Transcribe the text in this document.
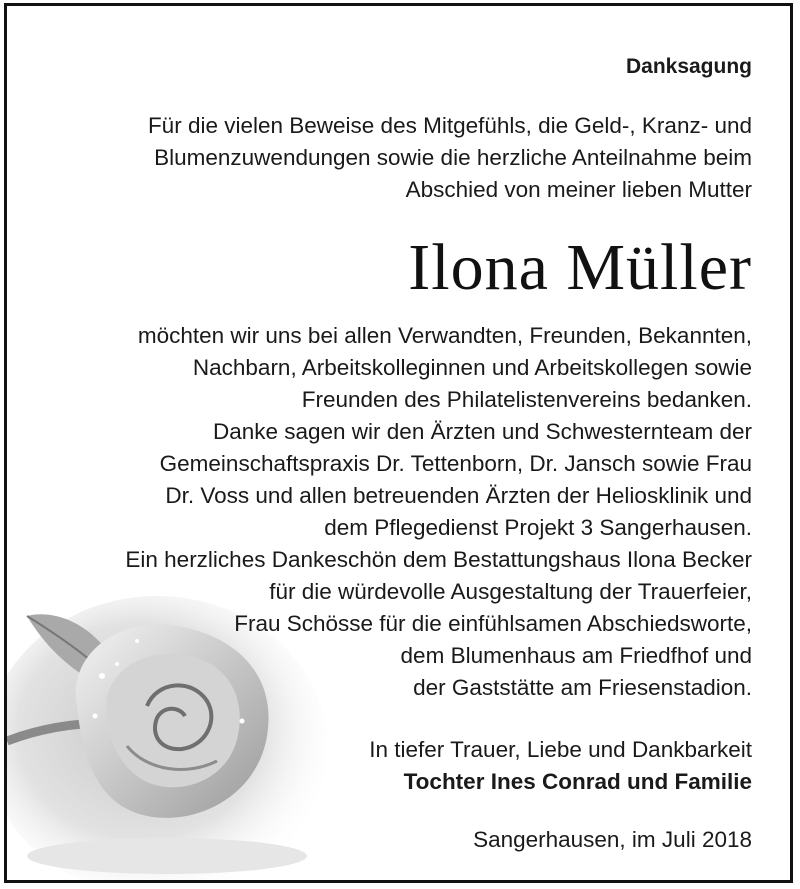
Danksagung
Für die vielen Beweise des Mitgefühls, die Geld-, Kranz- und
Blumenzuwendungen sowie die herzliche Anteilnahme beim
Abschied von meiner lieben Mutter
Ilona Müller
möchten wir uns bei allen Verwandten, Freunden, Bekannten,
Nachbarn, Arbeitskolleginnen und Arbeitskollegen sowie
Freunden des Philatelistenvereins bedanken.
Danke sagen wir den Ärzten und Schwesternteam der
Gemeinschaftspraxis Dr. Tettenborn, Dr. Jansch sowie Frau
Dr. Voss und allen betreuenden Ärzten der Heliosklinik und
dem Pflegedienst Projekt 3 Sangerhausen.
Ein herzliches Dankeschön dem Bestattungshaus Ilona Becker
für die würdevolle Ausgestaltung der Trauerfeier,
Frau Schösse für die einfühlsamen Abschiedsworte,
dem Blumenhaus am Friedfhof und
der Gaststätte am Friesenstadion.
In tiefer Trauer, Liebe und Dankbarkeit
Tochter Ines Conrad und Familie
Sangerhausen, im Juli 2018
